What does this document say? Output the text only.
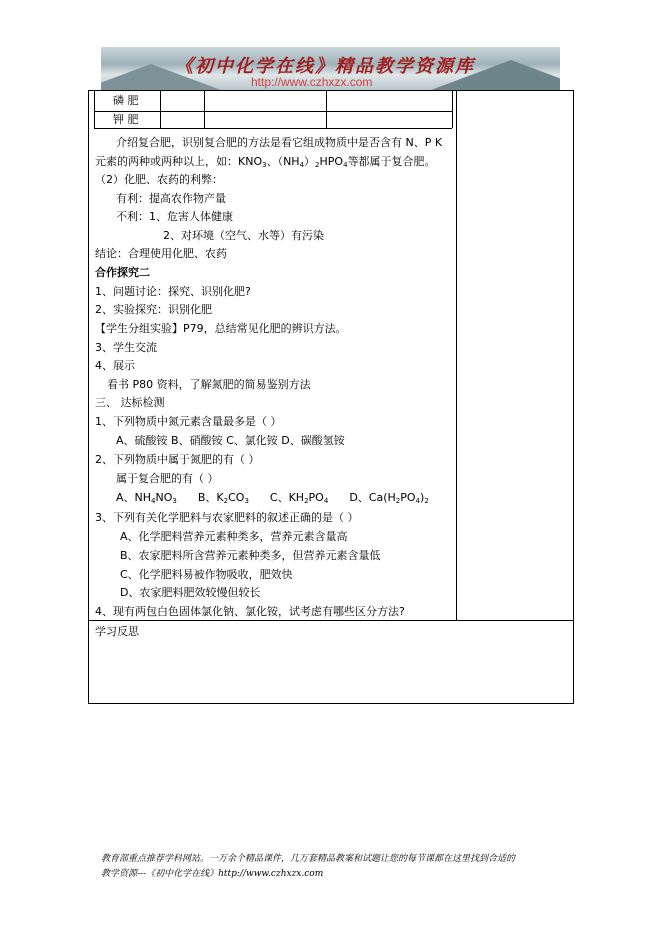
《初中化学在线》精品教学资源库
http://www.czhxzx.com
磷 肥
钾 肥
介绍复合肥，识别复合肥的方法是看它组成物质中是否含有 N、P K
元素的两种或两种以上，如：$KNO_3$、$(NH_4)_2HPO_4$等都属于复合肥。
（2）化肥、农药的利弊：
有利：提高农作物产量
不利：1、危害人体健康
2、对环境（空气、水等）有污染
结论：合理使用化肥、农药
合作探究二
1、问题讨论：探究、识别化肥?
2、实验探究：识别化肥
【学生分组实验】P79，总结常见化肥的辨识方法。
3、学生交流
4、展示
看书 P80 资料，了解氮肥的简易鉴别方法
三、 达标检测
1、下列物质中氮元素含量最多是（ ）
A、硫酸铵 B、硝酸铵 C、氯化铵 D、碳酸氢铵
2、下列物质中属于氮肥的有（ ）
属于复合肥的有（ ）
A、$NH_4NO_3$ B、$K_2CO_3$ C、$KH_2PO_4$ D、$Ca(H_2PO_4)_2$
3、下列有关化学肥料与农家肥料的叙述正确的是（ ）
A、化学肥料营养元素种类多，营养元素含量高
B、农家肥料所含营养元素种类多，但营养元素含量低
C、化学肥料易被作物吸收，肥效快
D、农家肥料肥效较慢但较长
4、现有两包白色固体氯化钠、氯化铵，试考虑有哪些区分方法?
学习反思
教育部重点推荐学科网站。一万余个精品课件，几万套精品教案和试题让您的每节课都在这里找到合适的
教学资源---《初中化学在线》http://www.czhxzx.com
